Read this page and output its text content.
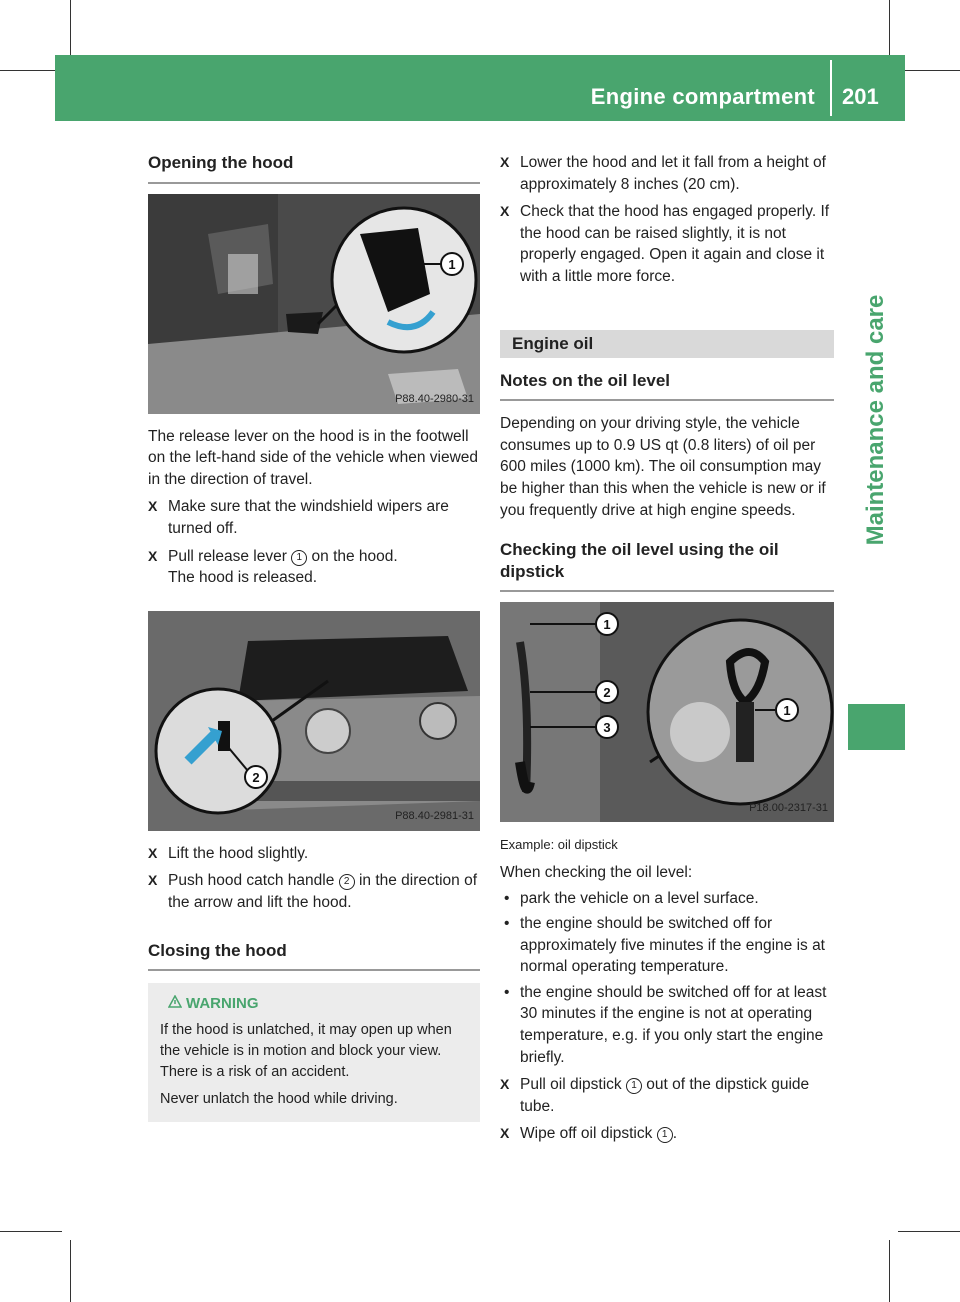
Engine compartment 201
Maintenance and care
Opening the hood
1
P88.40-2980-31

The release lever on the hood is in the footwell on the left-hand side of the vehicle when viewed in the direction of travel.

X Make sure that the windshield wipers are turned off.
X Pull release lever 1 on the hood.
The hood is released.
2
P88.40-2981-31
X Lift the hood slightly.
X Push hood catch handle 2 in the direction of the arrow and lift the hood.
Closing the hood
WARNING

If the hood is unlatched, it may open up when the vehicle is in motion and block your view. There is a risk of an accident.

Never unlatch the hood while driving.

X Lower the hood and let it fall from a height of approximately 8 inches (20 cm).
X Check that the hood has engaged properly. If the hood can be raised slightly, it is not properly engaged. Open it again and close it with a little more force.
Engine oil
Notes on the oil level

Depending on your driving style, the vehicle consumes up to 0.9 US qt (0.8 liters) of oil per 600 miles (1000 km). The oil consumption may be higher than this when the vehicle is new or if you frequently drive at high engine speeds.

Checking the oil level using the oil dipstick
1
2
3
1
P18.00-2317-31
Example: oil dipstick

When checking the oil level:

• park the vehicle on a level surface.
• the engine should be switched off for approximately five minutes if the engine is at normal operating temperature.
• the engine should be switched off for at least 30 minutes if the engine is not at operating temperature, e.g. if you only start the engine briefly.
X Pull oil dipstick 1 out of the dipstick guide tube.
X Wipe off oil dipstick 1 .
